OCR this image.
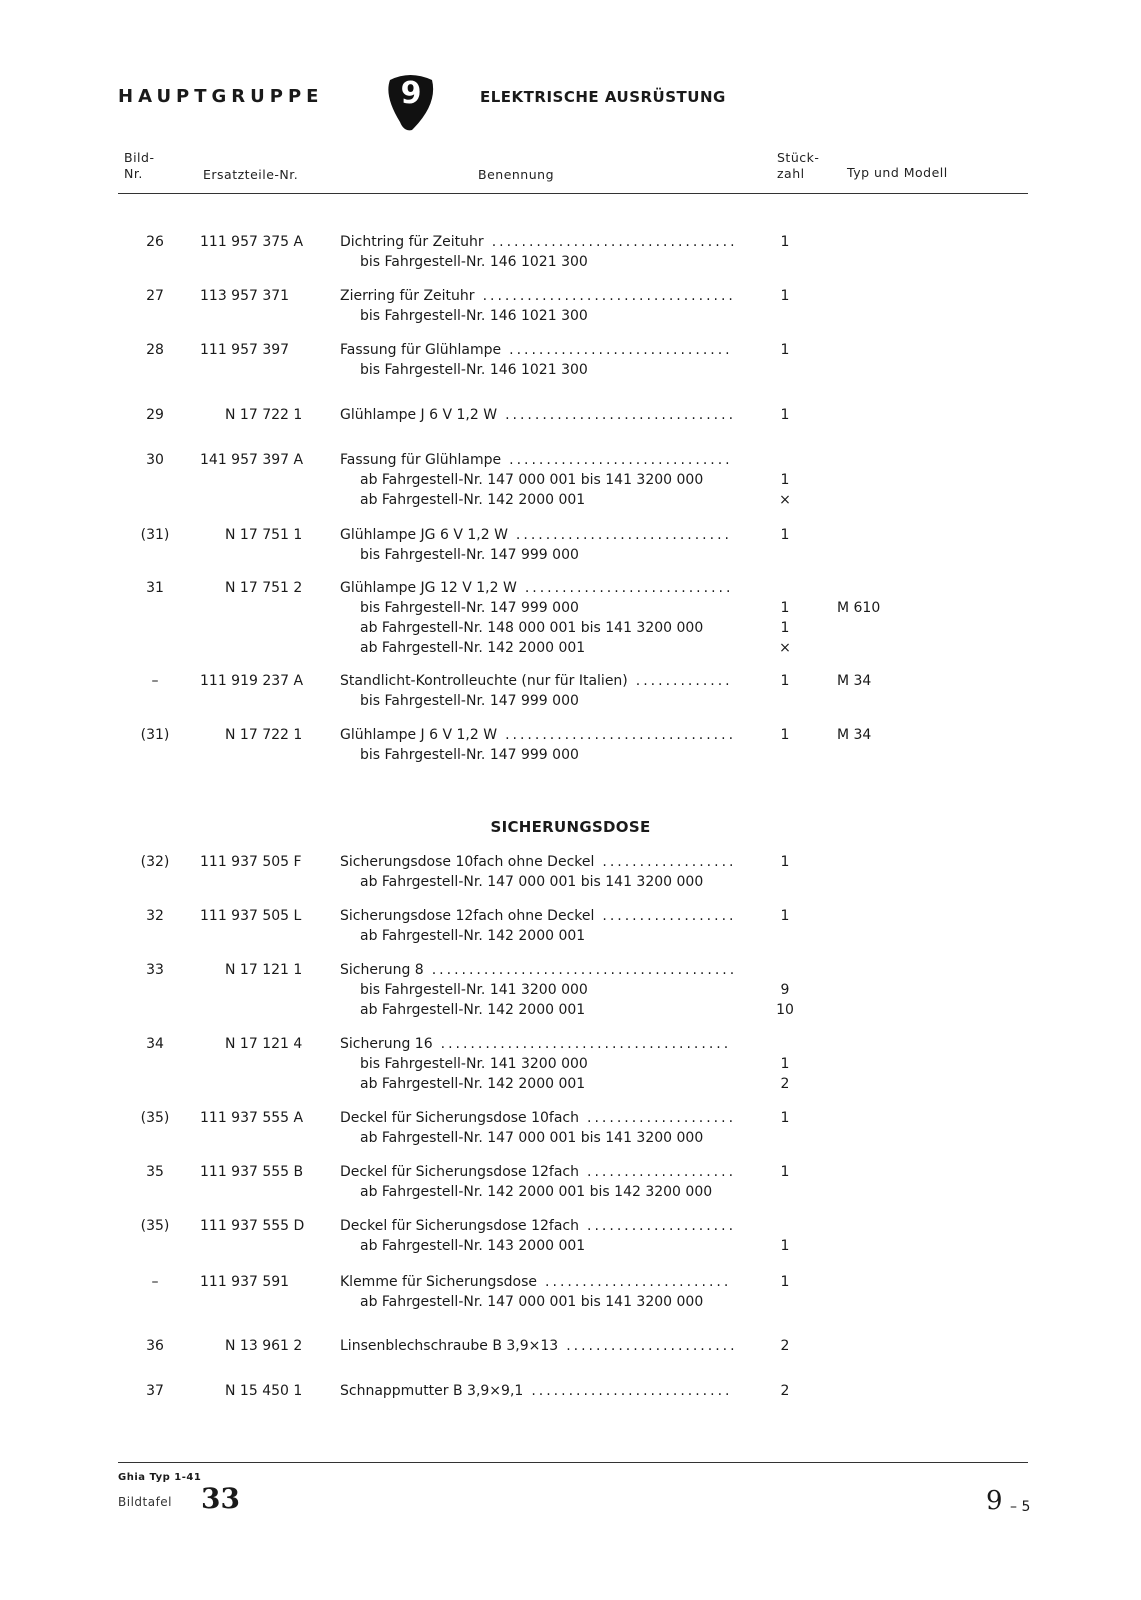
HAUPTGRUPPE	9	ELEKTRISCHE AUSRÜSTUNG
Bild-
Nr.	Ersatzteile-Nr.	Benennung
Stück-
zahl	Typ und Modell
SICHERUNGSDOSE
26	111 957 375 A	Dichtring für Zeituhr .................................	1
bis Fahrgestell-Nr. 146 1021 300
27	113 957 371	Zierring für Zeituhr ..................................	1
bis Fahrgestell-Nr. 146 1021 300
28	111 957 397	Fassung für Glühlampe ..............................	1
bis Fahrgestell-Nr. 146 1021 300
29	N 17 722 1	Glühlampe J 6 V 1,2 W ...............................	1
30	141 957 397 A	Fassung für Glühlampe ..............................
ab Fahrgestell-Nr. 147 000 001 bis 141 3200 000	1
ab Fahrgestell-Nr. 142 2000 001	×
(31)	N 17 751 1	Glühlampe JG 6 V 1,2 W .............................	1
bis Fahrgestell-Nr. 147 999 000
31	N 17 751 2	Glühlampe JG 12 V 1,2 W ............................
bis Fahrgestell-Nr. 147 999 000	1	M 610
ab Fahrgestell-Nr. 148 000 001 bis 141 3200 000	1
ab Fahrgestell-Nr. 142 2000 001	×
–	111 919 237 A	Standlicht-Kontrolleuchte (nur für Italien) .............	1	M 34
bis Fahrgestell-Nr. 147 999 000
(31)	N 17 722 1	Glühlampe J 6 V 1,2 W ...............................	1	M 34
bis Fahrgestell-Nr. 147 999 000
(32)	111 937 505 F	Sicherungsdose 10fach ohne Deckel ..................	1
ab Fahrgestell-Nr. 147 000 001 bis 141 3200 000
32	111 937 505 L	Sicherungsdose 12fach ohne Deckel ..................	1
ab Fahrgestell-Nr. 142 2000 001
33	N 17 121 1	Sicherung 8 .........................................
bis Fahrgestell-Nr. 141 3200 000	9
ab Fahrgestell-Nr. 142 2000 001	10
34	N 17 121 4	Sicherung 16 .......................................
bis Fahrgestell-Nr. 141 3200 000	1
ab Fahrgestell-Nr. 142 2000 001	2
(35)	111 937 555 A	Deckel für Sicherungsdose 10fach ....................	1
ab Fahrgestell-Nr. 147 000 001 bis 141 3200 000
35	111 937 555 B	Deckel für Sicherungsdose 12fach ....................	1
ab Fahrgestell-Nr. 142 2000 001 bis 142 3200 000
(35)	111 937 555 D	Deckel für Sicherungsdose 12fach ....................
ab Fahrgestell-Nr. 143 2000 001	1
–	111 937 591	Klemme für Sicherungsdose .........................	1
ab Fahrgestell-Nr. 147 000 001 bis 141 3200 000
36	N 13 961 2	Linsenblechschraube B 3,9×13 .......................	2
37	N 15 450 1	Schnappmutter B 3,9×9,1 ...........................	2
Ghia Typ 1-41
Bildtafel 33	9 – 5
